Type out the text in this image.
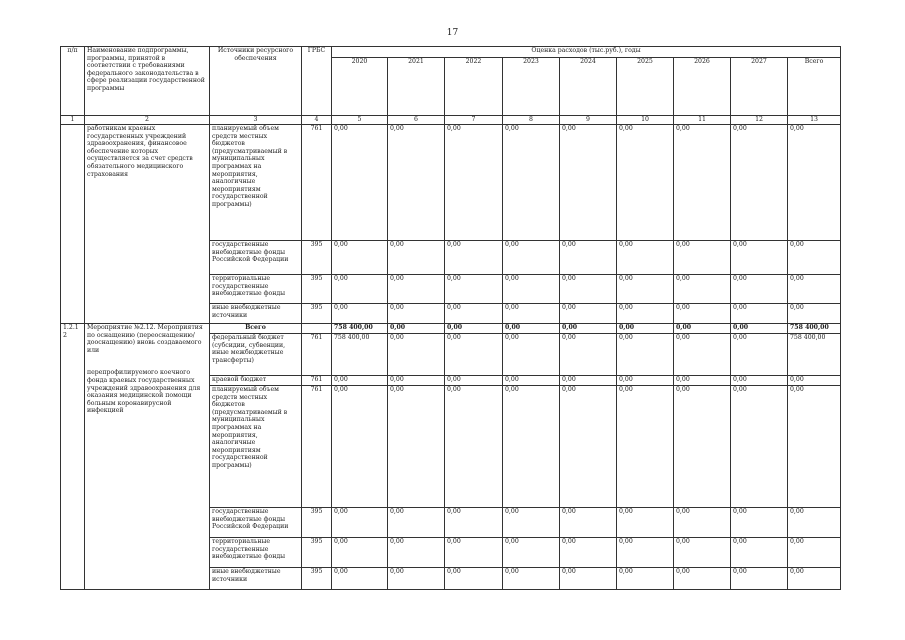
17
п/п	Наименование подпрограммы, программы, принятой в соответствии с требованиями федерального законодательства в сфере реализации государственной программы	Источники ресурсного обеспечения	ГРБС	Оценка расходов (тыс.руб.), годы								
				2020	2021	2022	2023	2024	2025	2026	2027	Всего
1	2	3	4	5	6	7	8	9	10	11	12	13
	работникам краевых государственных учреждений здравоохранения, финансовое обеспечение которых осуществляется за счет средств обязательного медицинского страхования	планируемый объем средств местных бюджетов (предусматриваемый в муниципальных программах на мероприятия, аналогичные мероприятиям государственной программы)	761	0,00	0,00	0,00	0,00	0,00	0,00	0,00	0,00	0,00
		государственные внебюджетные фонды Российской Федерации	395	0,00	0,00	0,00	0,00	0,00	0,00	0,00	0,00	0,00
		территориальные государственные внебюджетные фонды	395	0,00	0,00	0,00	0,00	0,00	0,00	0,00	0,00	0,00
		иные внебюджетные источники	395	0,00	0,00	0,00	0,00	0,00	0,00	0,00	0,00	0,00
1.2.12	Мероприятие №2.12. Мероприятия по оснащению (переоснащению/дооснащению) вновь создаваемого или
перепрофилируемого коечного фонда краевых государственных учреждений здравоохранения для оказания медицинской помощи больным коронавирусной инфекцией	Всего		758 400,00	0,00	0,00	0,00	0,00	0,00	0,00	0,00	758 400,00
		федеральный бюджет (субсидии, субвенции, иные межбюджетные трансферты)	761	758 400,00	0,00	0,00	0,00	0,00	0,00	0,00	0,00	758 400,00
		краевой бюджет	761	0,00	0,00	0,00	0,00	0,00	0,00	0,00	0,00	0,00
		планируемый объем средств местных бюджетов (предусматриваемый в муниципальных программах на мероприятия, аналогичные мероприятиям государственной программы)	761	0,00	0,00	0,00	0,00	0,00	0,00	0,00	0,00	0,00
		государственные внебюджетные фонды Российской Федерации	395	0,00	0,00	0,00	0,00	0,00	0,00	0,00	0,00	0,00
		территориальные государственные внебюджетные фонды	395	0,00	0,00	0,00	0,00	0,00	0,00	0,00	0,00	0,00
		иные внебюджетные источники	395	0,00	0,00	0,00	0,00	0,00	0,00	0,00	0,00	0,00
